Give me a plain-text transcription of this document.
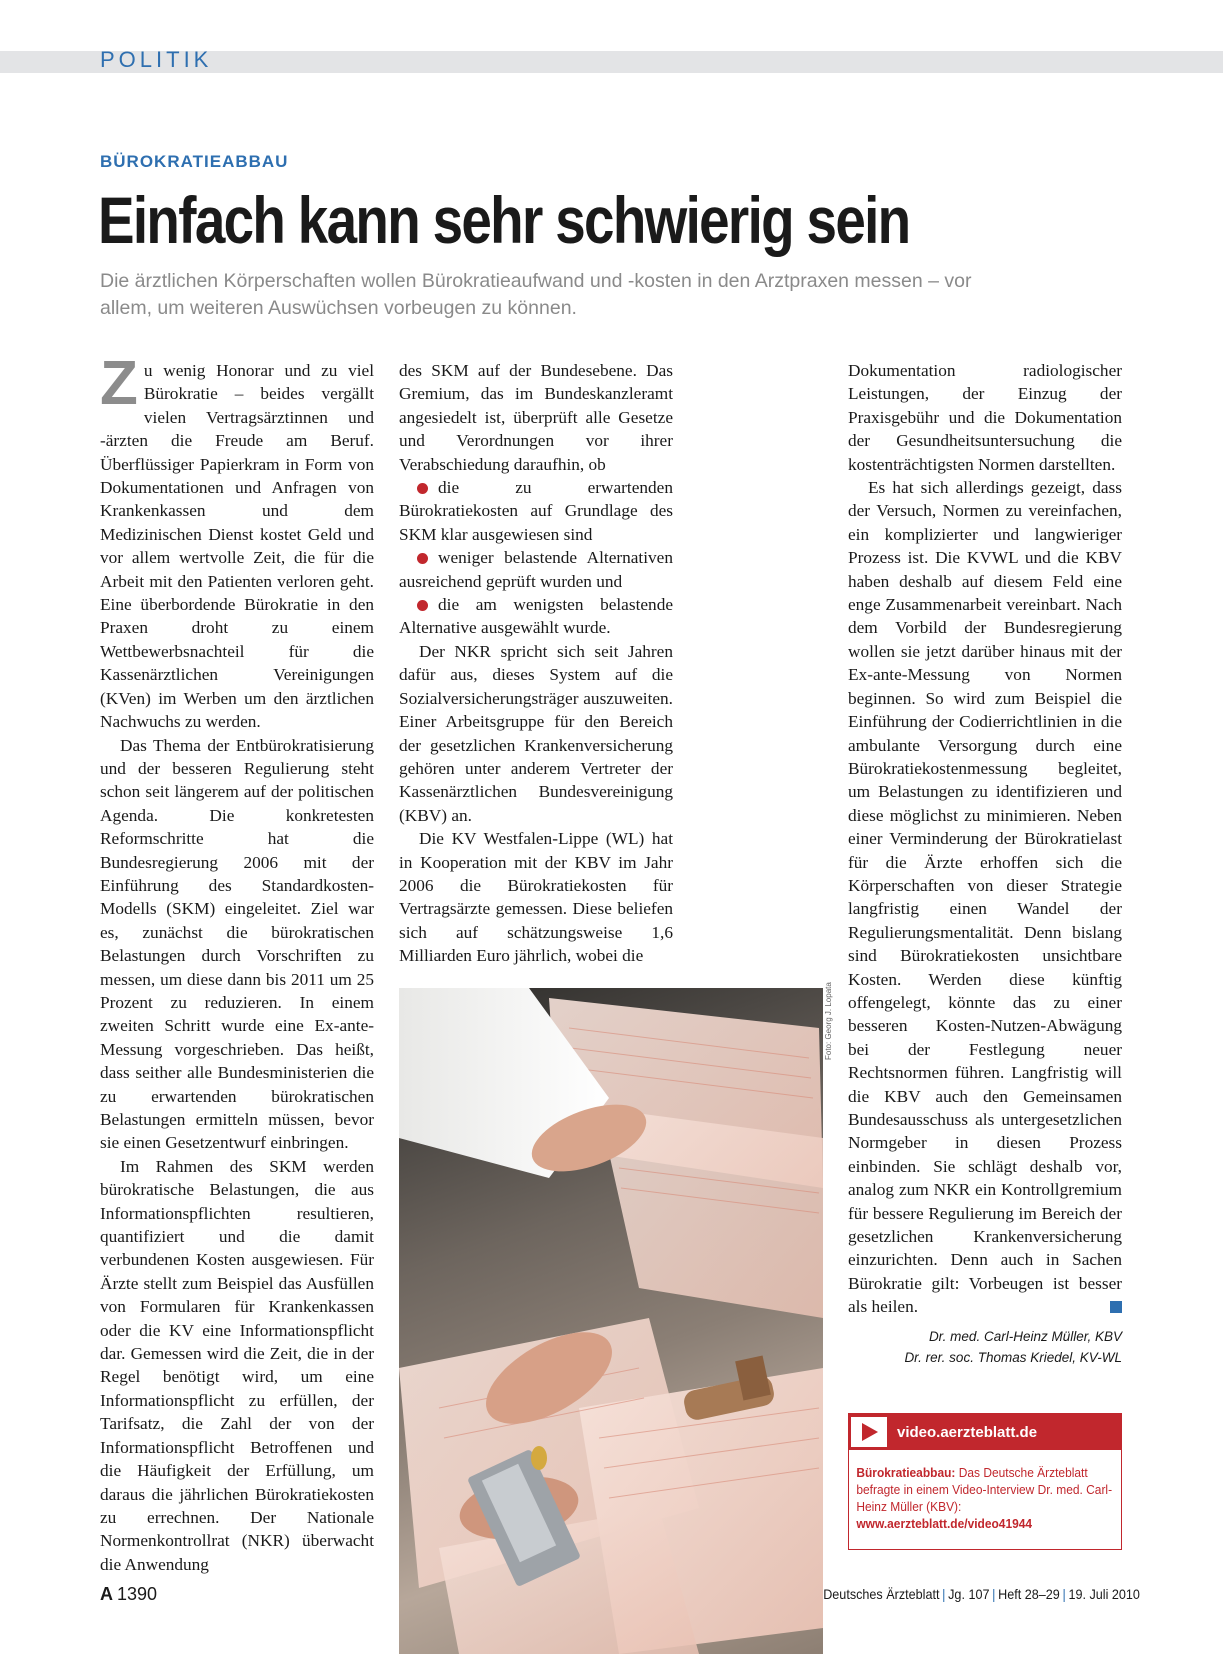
POLITIK
BÜROKRATIEABBAU
Einfach kann sehr schwierig sein

Die ärztlichen Körperschaften wollen Bürokratieaufwand und -kosten in den Arztpraxen messen – vor allem, um weiteren Auswüchsen vorbeugen zu können.

Zu wenig Honorar und zu viel Bürokratie – beides vergällt vielen Vertragsärztinnen und -ärzten die Freude am Beruf. Überflüssiger Papierkram in Form von Dokumentationen und Anfragen von Krankenkassen und dem Medizinischen Dienst kostet Geld und vor allem wertvolle Zeit, die für die Arbeit mit den Patienten verloren geht. Eine überbordende Bürokratie in den Praxen droht zu einem Wettbewerbsnachteil für die Kassenärztlichen Vereinigungen (KVen) im Werben um den ärztlichen Nachwuchs zu werden.

Das Thema der Entbürokratisierung und der besseren Regulierung steht schon seit längerem auf der politischen Agenda. Die konkretesten Reformschritte hat die Bundesregierung 2006 mit der Einführung des Standardkosten-Modells (SKM) eingeleitet. Ziel war es, zunächst die bürokratischen Belastungen durch Vorschriften zu messen, um diese dann bis 2011 um 25 Prozent zu reduzieren. In einem zweiten Schritt wurde eine Ex-ante-Messung vorgeschrieben. Das heißt, dass seither alle Bundesministerien die zu erwartenden bürokratischen Belastungen ermitteln müssen, bevor sie einen Gesetzentwurf einbringen.

Im Rahmen des SKM werden bürokratische Belastungen, die aus Informationspflichten resultieren, quantifiziert und die damit verbundenen Kosten ausgewiesen. Für Ärzte stellt zum Beispiel das Ausfüllen von Formularen für Krankenkassen oder die KV eine Informationspflicht dar. Gemessen wird die Zeit, die in der Regel benötigt wird, um eine Informationspflicht zu erfüllen, der Tarifsatz, die Zahl der von der Informationspflicht Betroffenen und die Häufigkeit der Erfüllung, um daraus die jährlichen Bürokratiekosten zu errechnen. Der Nationale Normenkontrollrat (NKR) überwacht die Anwendung

des SKM auf der Bundesebene. Das Gremium, das im Bundeskanzleramt angesiedelt ist, überprüft alle Gesetze und Verordnungen vor ihrer Verabschiedung daraufhin, ob

die zu erwartenden Bürokratiekosten auf Grundlage des SKM klar ausgewiesen sind

weniger belastende Alternativen ausreichend geprüft wurden und

die am wenigsten belastende Alternative ausgewählt wurde.

Der NKR spricht sich seit Jahren dafür aus, dieses System auf die Sozialversicherungsträger auszuweiten. Einer Arbeitsgruppe für den Bereich der gesetzlichen Krankenversicherung gehören unter anderem Vertreter der Kassenärztlichen Bundesvereinigung (KBV) an.

Die KV Westfalen-Lippe (WL) hat in Kooperation mit der KBV im Jahr 2006 die Bürokratiekosten für Vertragsärzte gemessen. Diese beliefen sich auf schätzungsweise 1,6 Milliarden Euro jährlich, wobei die

Foto: Georg J. Lopata

Dokumentation radiologischer Leistungen, der Einzug der Praxisgebühr und die Dokumentation der Gesundheitsuntersuchung die kostenträchtigsten Normen darstellten.

Es hat sich allerdings gezeigt, dass der Versuch, Normen zu vereinfachen, ein komplizierter und langwieriger Prozess ist. Die KVWL und die KBV haben deshalb auf diesem Feld eine enge Zusammenarbeit vereinbart. Nach dem Vorbild der Bundesregierung wollen sie jetzt darüber hinaus mit der Ex-ante-Messung von Normen beginnen. So wird zum Beispiel die Einführung der Codierrichtlinien in die ambulante Versorgung durch eine Bürokratiekostenmessung begleitet, um Belastungen zu identifizieren und diese möglichst zu minimieren. Neben einer Verminderung der Bürokratielast für die Ärzte erhoffen sich die Körperschaften von dieser Strategie langfristig einen Wandel der Regulierungsmentalität. Denn bislang sind Bürokratiekosten unsichtbare Kosten. Werden diese künftig offengelegt, könnte das zu einer besseren Kosten-Nutzen-Abwägung bei der Festlegung neuer Rechtsnormen führen. Langfristig will die KBV auch den Gemeinsamen Bundesausschuss als untergesetzlichen Normgeber in diesen Prozess einbinden. Sie schlägt deshalb vor, analog zum NKR ein Kontrollgremium für bessere Regulierung im Bereich der gesetzlichen Krankenversicherung einzurichten. Denn auch in Sachen Bürokratie gilt: Vorbeugen ist besser als heilen.

Dr. med. Carl-Heinz Müller, KBV
Dr. rer. soc. Thomas Kriedel, KV-WL
video.aerzteblatt.de
Bürokratieabbau: Das Deutsche Ärzteblatt befragte in einem Video-Interview Dr. med. Carl-Heinz Müller (KBV):
www.aerzteblatt.de/video41944
A 1390	Deutsches Ärzteblatt | Jg. 107 | Heft 28–29 | 19. Juli 2010
